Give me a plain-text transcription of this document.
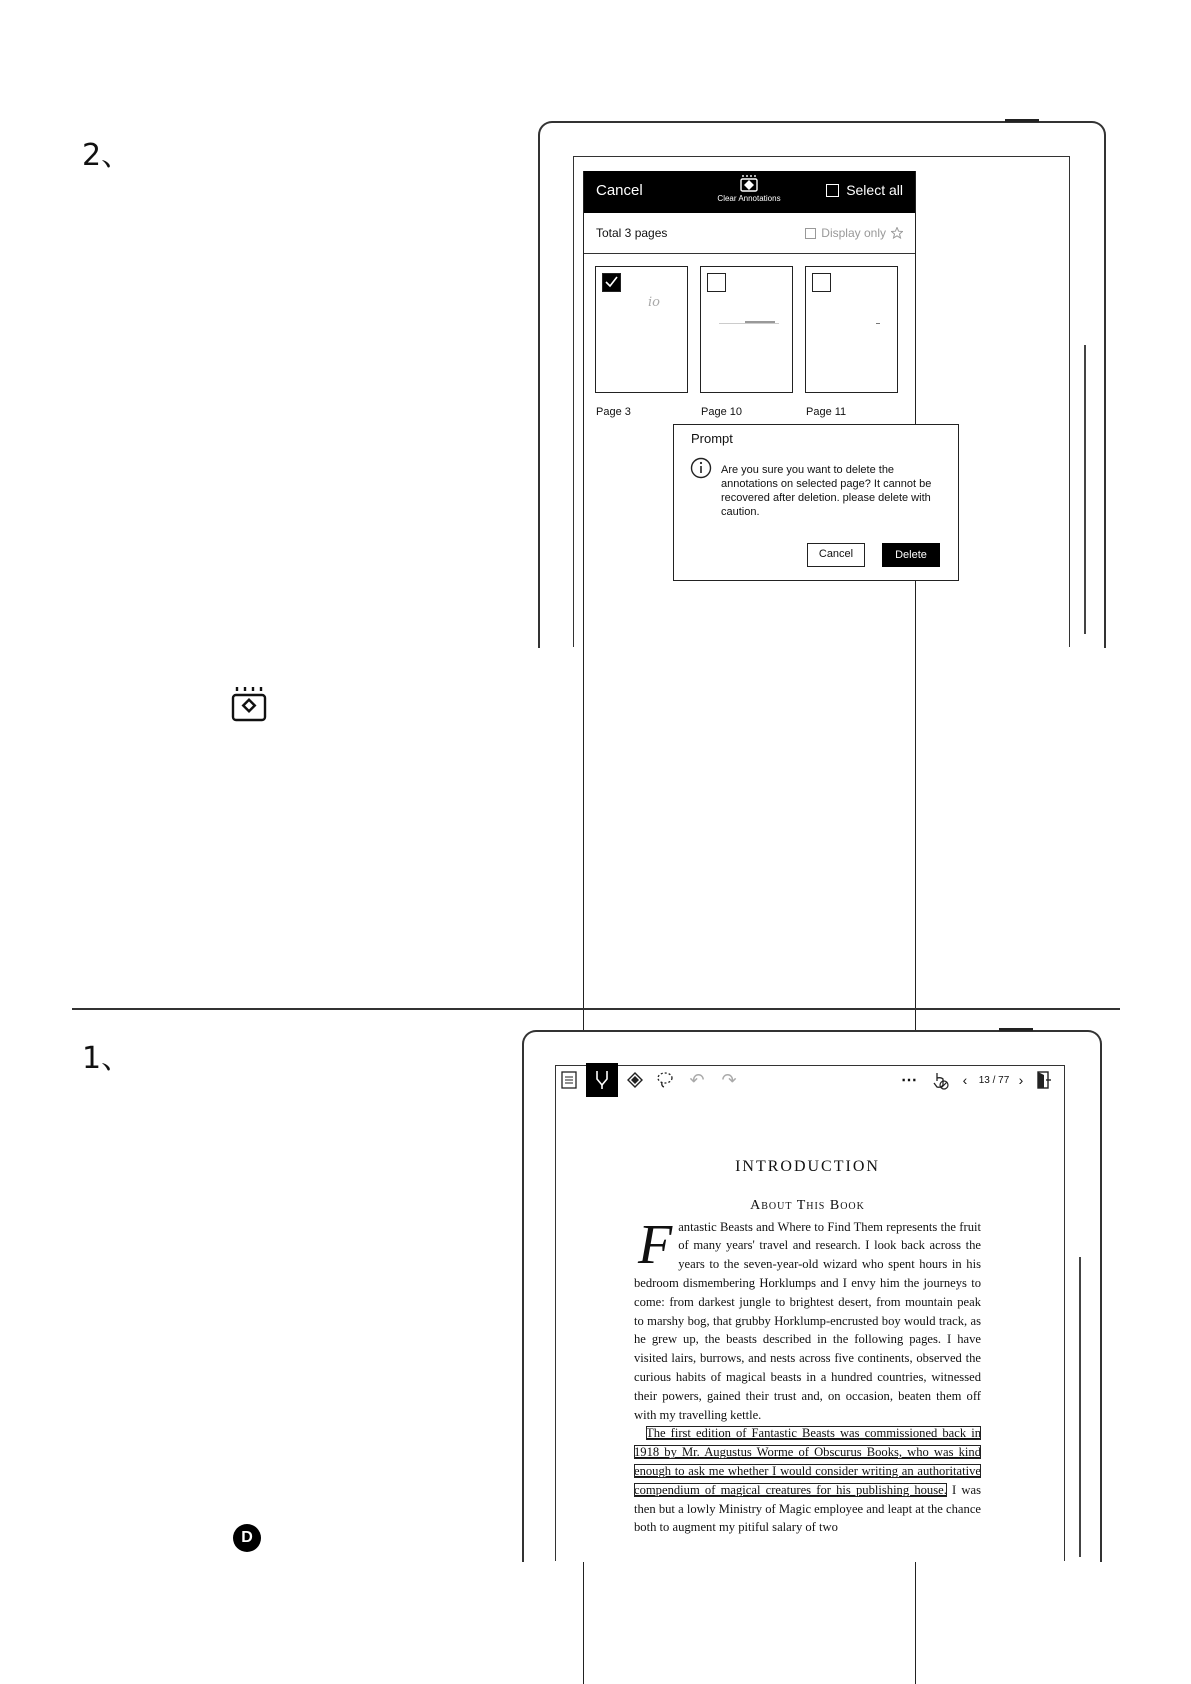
2、
Cancel	Clear Annotations
Select all
Total 3 pages	Display only
io
Page 3	Page 10	Page 11
Prompt
Are you sure you want to delete the annotations on selected page? It cannot be recovered after deletion. please delete with caution.
Cancel	Delete
1、
↶ ↷	⋯	‹	13 / 77 ›
INTRODUCTION
About This Book

Fantastic Beasts and Where to Find Them represents the fruit of many years' travel and research. I look back across the years to the seven-year-old wizard who spent hours in his bedroom dismembering Horklumps and I envy him the journeys to come: from darkest jungle to brightest desert, from mountain peak to marshy bog, that grubby Horklump-encrusted boy would track, as he grew up, the beasts described in the following pages. I have visited lairs, burrows, and nests across five continents, observed the curious habits of magical beasts in a hundred countries, witnessed their powers, gained their trust and, on occasion, beaten them off with my travelling kettle.

The first edition of Fantastic Beasts was commissioned back in 1918 by Mr. Augustus Worme of Obscurus Books, who was kind enough to ask me whether I would consider writing an authoritative compendium of magical creatures for his publishing house. I was then but a lowly Ministry of Magic employee and leapt at the chance both to augment my pitiful salary of two

D
